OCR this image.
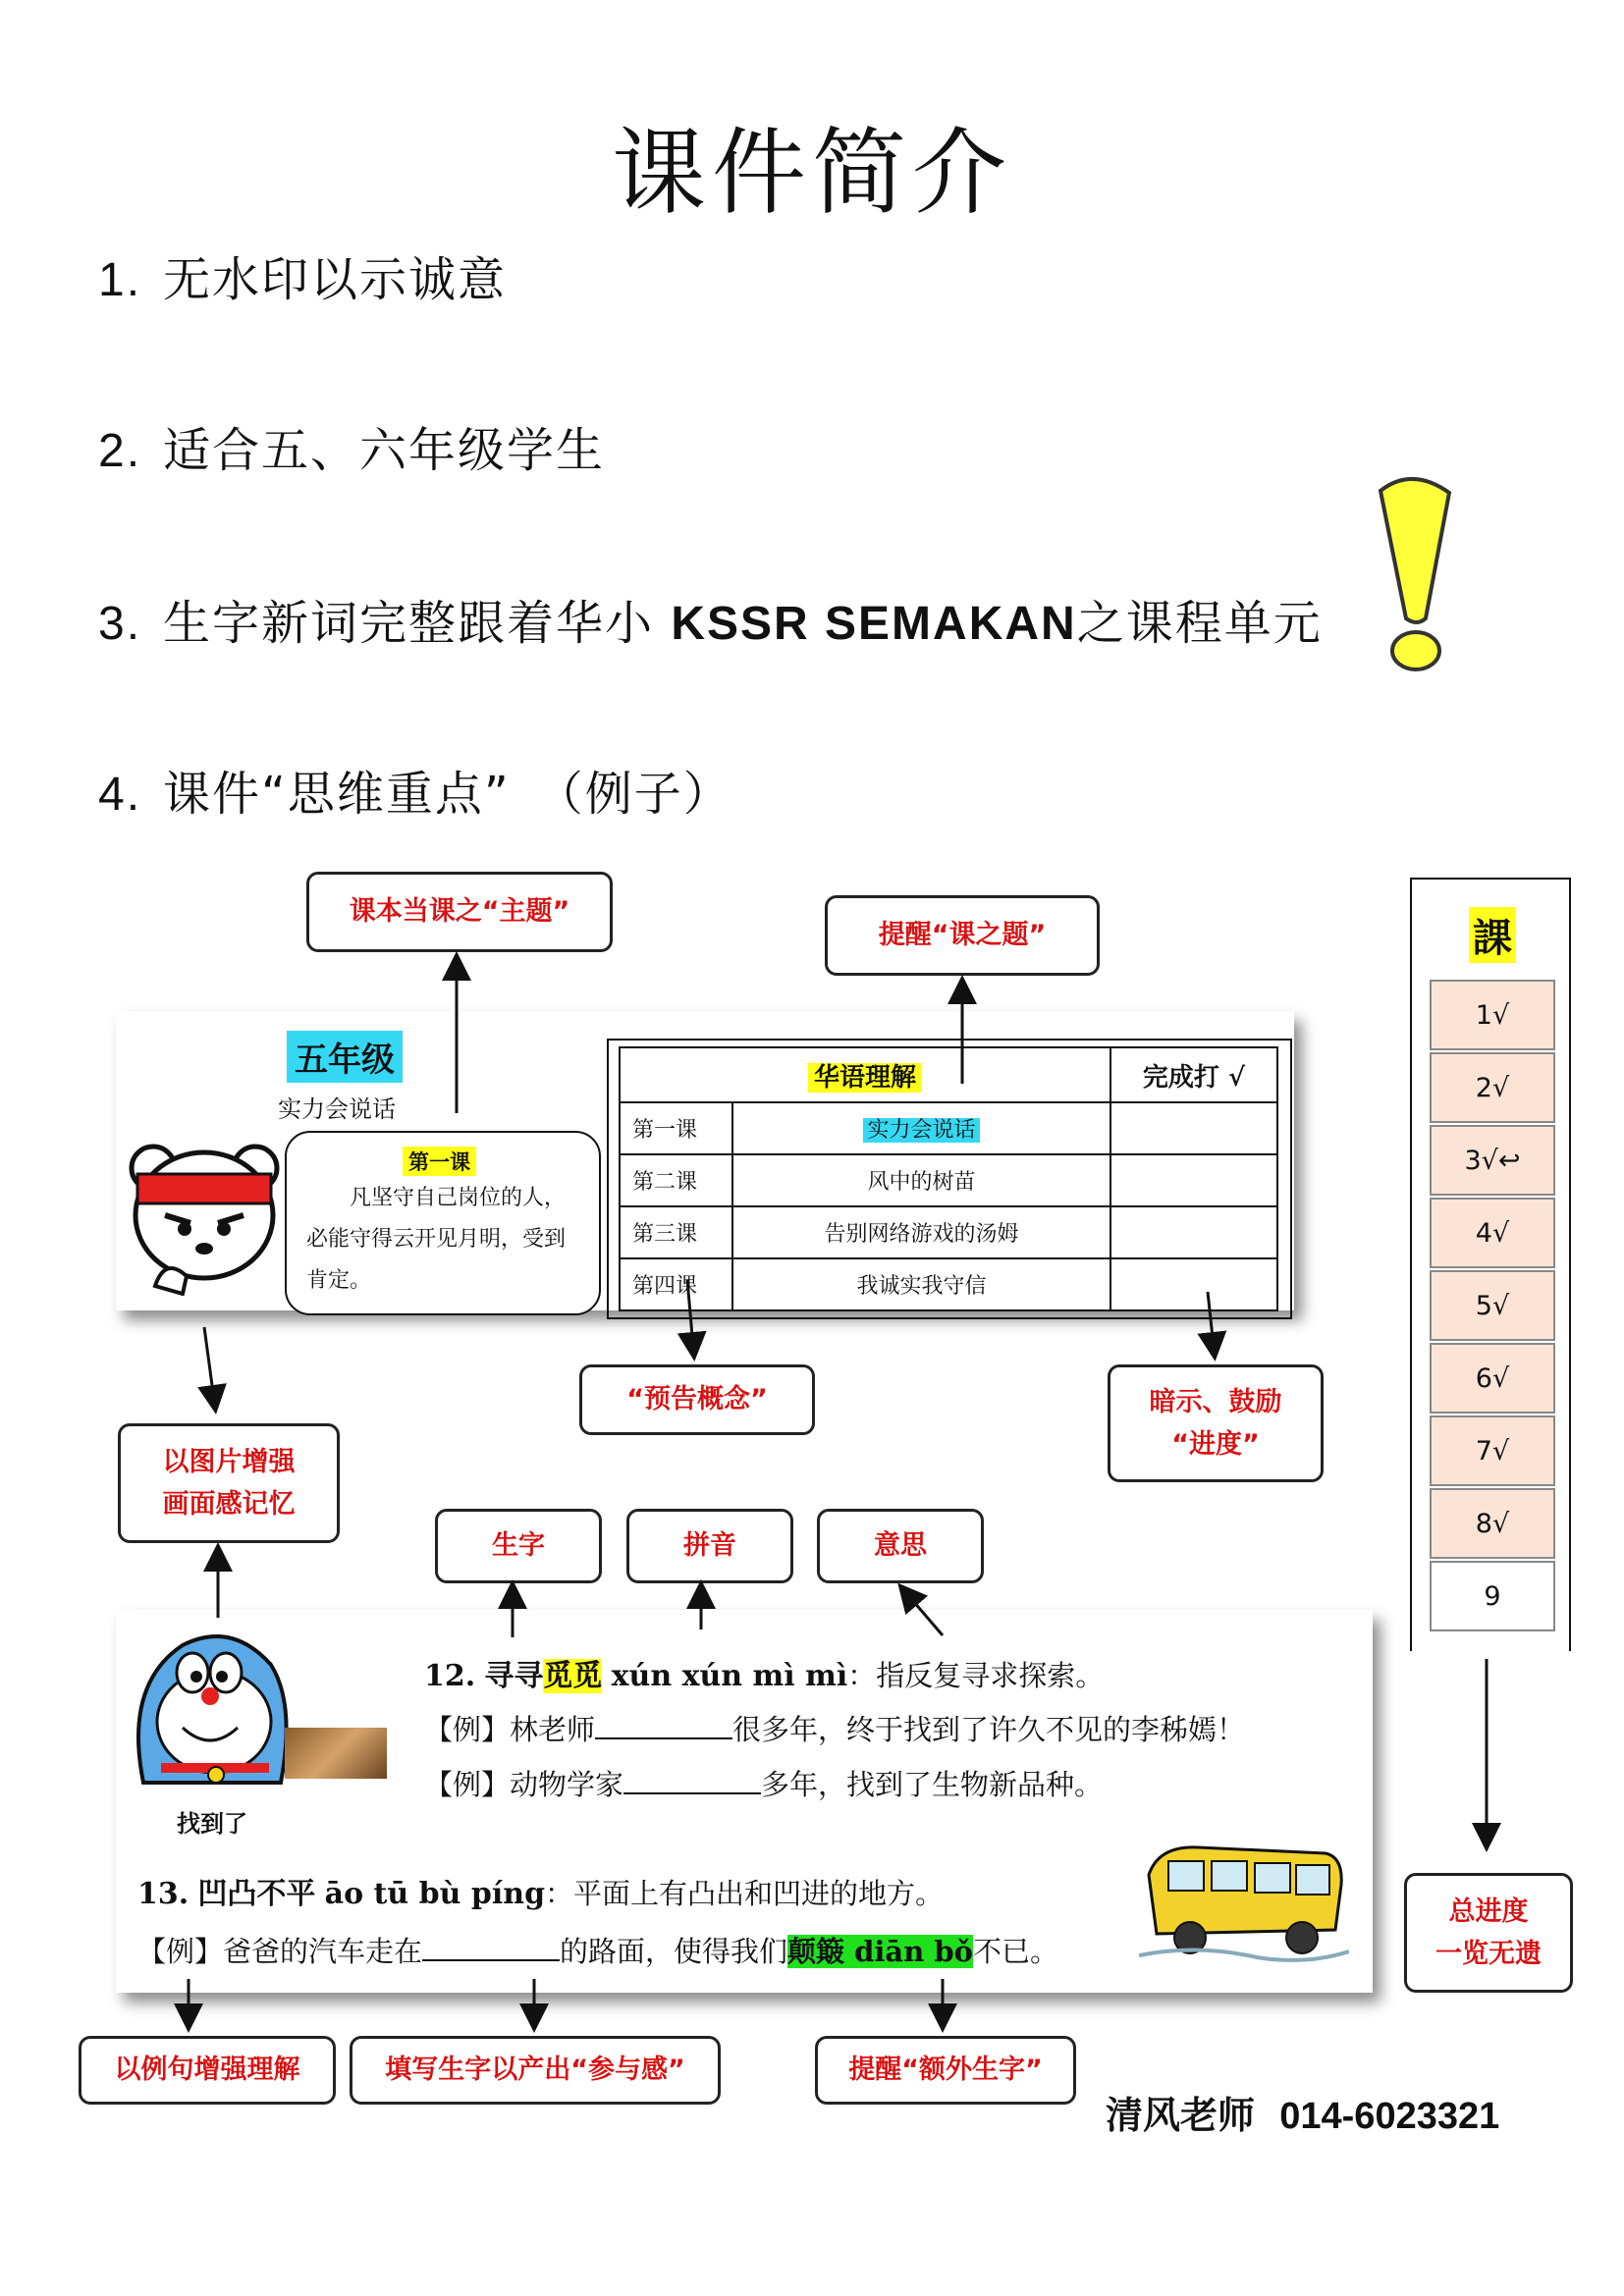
课件简介
1. 无水印以示诚意
2. 适合五、六年级学生
3. 生字新词完整跟着华小 KSSR SEMAKAN之课程单元
4. 课件“思维重点”　（例子）
五年级
实力会说话
第一课
凡坚守自己岗位的人，必能守得云开见月明，受到肯定。
华语理解		完成打 √
第一课	实力会说话	
第二课	风中的树苗	
第三课	告别网络游戏的汤姆	
第四课	我诚实我守信	
课本当课之“主题”
提醒“课之题”
以图片增强
画面感记忆
“预告概念”	暗示、鼓励
“进度”
生字	拼音	意思
課
1√
2√
3√↩
4√
5√
6√
7√
8√
9
总进度
一览无遗
找到了
12. 寻寻觅觅 xún xún mì mì：指反复寻求探索。
【例】林老师	很多年，终于找到了许久不见的李秭嫣！
【例】动物学家	多年，找到了生物新品种。
13. 凹凸不平 āo tū bù píng：平面上有凸出和凹进的地方。
【例】爸爸的汽车走在	的路面，使得我们颠簸 diān bǒ不已。
以例句增强理解	填写生字以产出“参与感”	提醒“额外生字”
清风老师 014-6023321
